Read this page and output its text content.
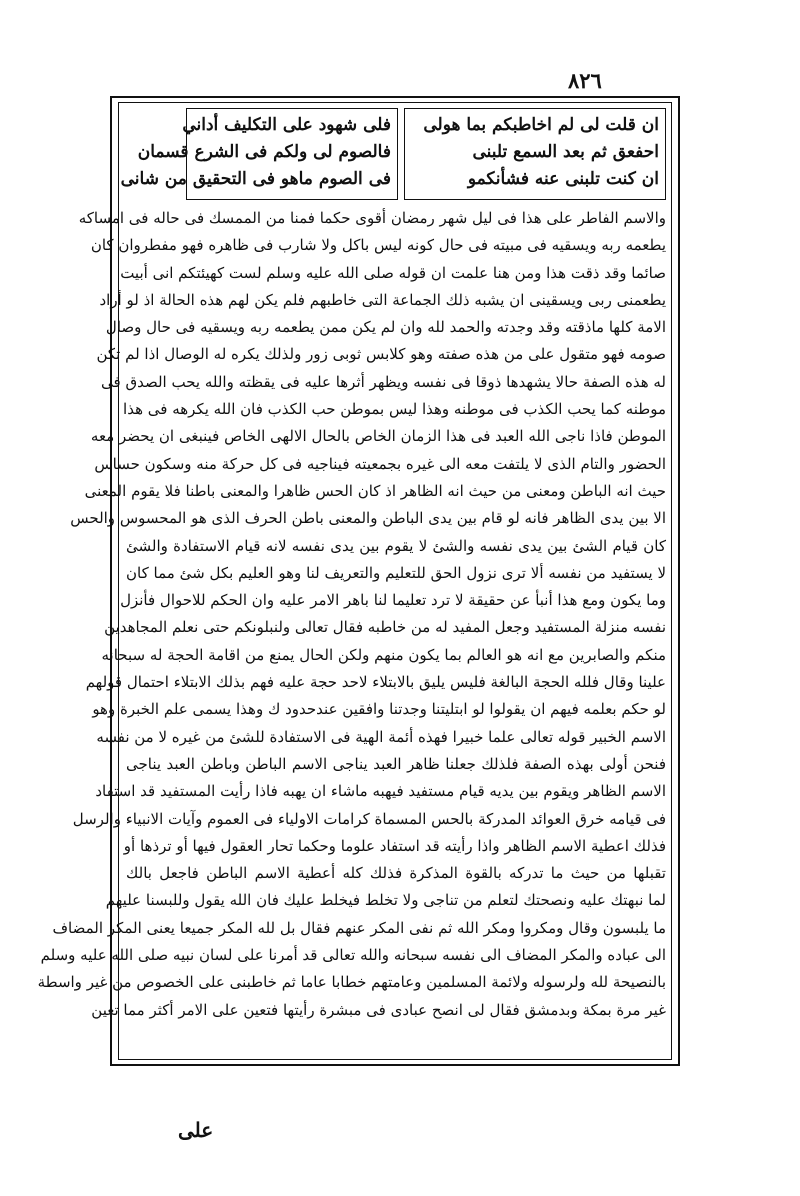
٨٢٦
ان قلت لى لم اخاطبكم بما هولى
احفعق ثم بعد السمع تلبنى
ان كنت تلبنى عنه فشأنكمو
فلى شهود على التكليف أداني
فالصوم لى ولكم فى الشرع قسمان
فى الصوم ماهو فى التحقيق من شانى
والاسم الفاطر على هذا فى ليل شهر رمضان أقوى حكما فمنا من الممسك فى حاله فى امساكه
يطعمه ربه ويسقيه فى مبيته فى حال كونه ليس باكل ولا شارب فى ظاهره فهو مفطروان كان
صائما وقد ذقت هذا ومن هنا علمت ان قوله صلى الله عليه وسلم لست كهيئتكم انى أبيت
يطعمنى ربى ويسقينى ان يشبه ذلك الجماعة التى خاطبهم فلم يكن لهم هذه الحالة اذ لو أراد
الامة كلها ماذقته وقد وجدته والحمد لله وان لم يكن ممن يطعمه ربه ويسقيه فى حال وصال
صومه فهو متقول على من هذه صفته وهو كلابس ثوبى زور ولذلك يكره له الوصال اذا لم تكن
له هذه الصفة حالا يشهدها ذوقا فى نفسه ويظهر أثرها عليه فى يقظته والله يحب الصدق فى
موطنه كما يحب الكذب فى موطنه وهذا ليس بموطن حب الكذب فان الله يكرهه فى هذا
الموطن فاذا ناجى الله العبد فى هذا الزمان الخاص بالحال الالهى الخاص فينبغى ان يحضر معه
الحضور والتام الذى لا يلتفت معه الى غيره بجمعيته فيناجيه فى كل حركة منه وسكون حساس
حيث انه الباطن ومعنى من حيث انه الظاهر اذ كان الحس ظاهرا والمعنى باطنا فلا يقوم المعنى
الا بين يدى الظاهر فانه لو قام بين يدى الباطن والمعنى باطن الحرف الذى هو المحسوس والحس
كان قيام الشئ بين يدى نفسه والشئ لا يقوم بين يدى نفسه لانه قيام الاستفادة والشئ
لا يستفيد من نفسه ألا ترى نزول الحق للتعليم والتعريف لنا وهو العليم بكل شئ مما كان
وما يكون ومع هذا أنبأ عن حقيقة لا ترد تعليما لنا باهر الامر عليه وان الحكم للاحوال فأنزل
نفسه منزلة المستفيد وجعل المفيد له من خاطبه فقال تعالى ولنبلونكم حتى نعلم المجاهدين
منكم والصابرين مع انه هو العالم بما يكون منهم ولكن الحال يمنع من اقامة الحجة له سبحانه
علينا وقال فلله الحجة البالغة فليس يليق بالابتلاء لاحد حجة عليه فهم بذلك الابتلاء احتمال قولهم
لو حكم بعلمه فيهم ان يقولوا لو ابتليتنا وجدتنا وافقين عندحدود ك وهذا يسمى علم الخبرة وهو
الاسم الخبير قوله تعالى علما خبيرا فهذه أئمة الهية فى الاستفادة للشئ من غيره لا من نفسه
فنحن أولى بهذه الصفة فلذلك جعلنا ظاهر العبد يناجى الاسم الباطن وباطن العبد يناجى
الاسم الظاهر ويقوم بين يديه قيام مستفيد فيهبه ماشاء ان يهبه فاذا رأيت المستفيد قد استفاد
فى قيامه خرق العوائد المدركة بالحس المسماة كرامات الاولياء فى العموم وآيات الانبياء والرسل
فذلك اعطية الاسم الظاهر واذا رأيته قد استفاد علوما وحكما تحار العقول فيها أو ترذها أو
تقبلها من حيث ما تدركه بالقوة المذكرة فذلك كله أعطية الاسم الباطن فاجعل بالك
لما نبهتك عليه ونصحتك لتعلم من تناجى ولا تخلط فيخلط عليك فان الله يقول وللبسنا عليهم
ما يلبسون وقال ومكروا ومكر الله ثم نفى المكر عنهم فقال بل لله المكر جميعا يعنى المكر المضاف
الى عباده والمكر المضاف الى نفسه سبحانه والله تعالى قد أمرنا على لسان نبيه صلى الله عليه وسلم
بالنصيحة لله ولرسوله ولائمة المسلمين وعامتهم خطابا عاما ثم خاطبنى على الخصوص من غير واسطة
غير مرة بمكة وبدمشق فقال لى انصح عبادى فى مبشرة رأيتها فتعين على الامر أكثر مما تعين
على
